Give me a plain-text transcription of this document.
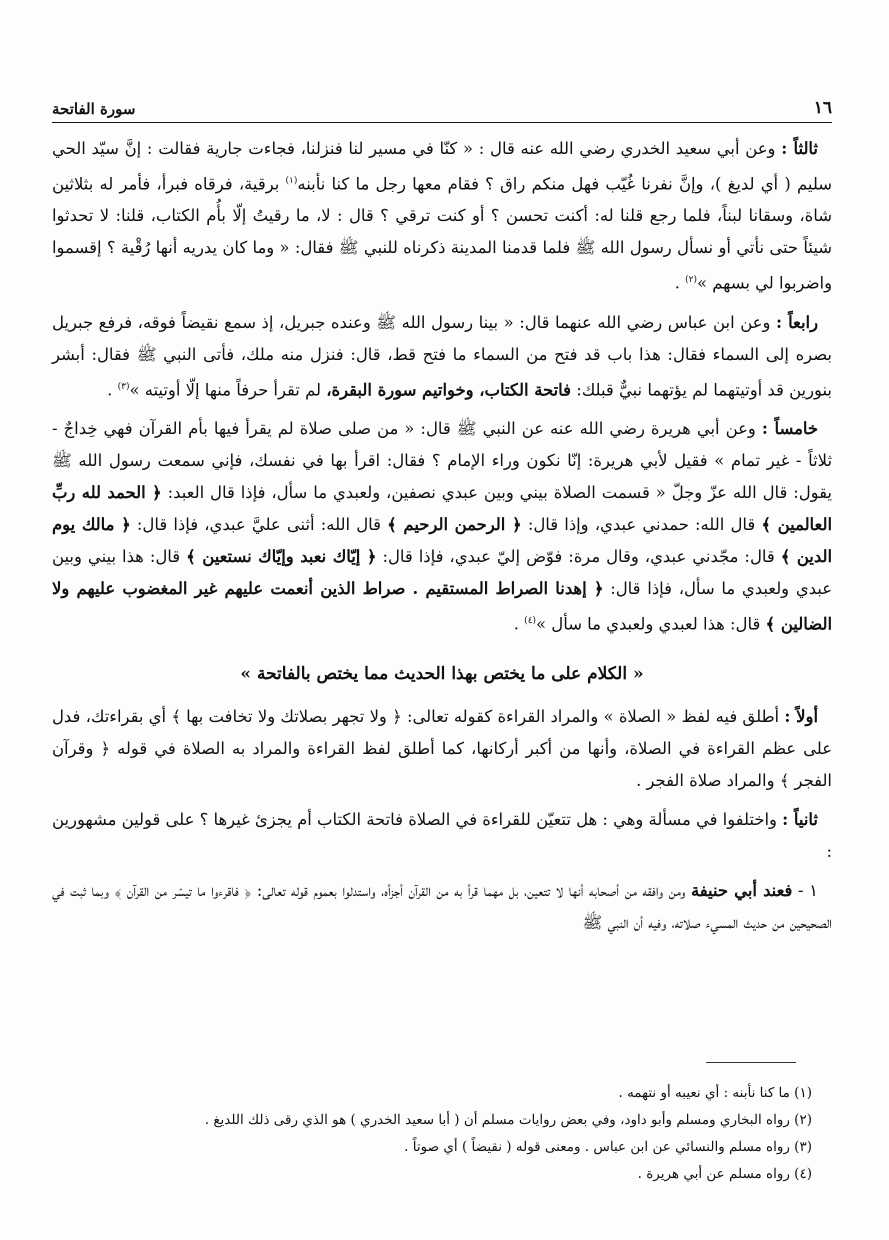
١٦
سورة الفاتحة

ثالثاً : وعن أبي سعيد الخدري رضي الله عنه قال : « كنّا في مسير لنا فنزلنا، فجاءت جارية فقالت : إنَّ سيّد الحي سليم ( أي لديغ )، وإنَّ نفرنا غُيّب فهل منكم راق ؟ فقام معها رجل ما كنا نأبنه$^{(١)}$ برقية، فرقاه فبرأ، فأمر له بثلاثين شاة، وسقانا لبناً، فلما رجع قلنا له: أكنت تحسن ؟ أو كنت ترقي ؟ قال : لا، ما رقيتُ إلّا بأُم الكتاب، قلنا: لا تحدثوا شيئاً حتى نأتي أو نسأل رسول الله ﷺ فلما قدمنا المدينة ذكرناه للنبي ﷺ فقال: « وما كان يدريه أنها رُقْية ؟ إقسموا واضربوا لي بسهم »$^{(٢)}$ .

رابعاً : وعن ابن عباس رضي الله عنهما قال: « بينا رسول الله ﷺ وعنده جبريل، إذ سمع نقيضاً فوقه، فرفع جبريل بصره إلى السماء فقال: هذا باب قد فتح من السماء ما فتح قط، قال: فنزل منه ملك، فأتى النبي ﷺ فقال: أبشر بنورين قد أوتيتهما لم يؤتهما نبيٌّ قبلك: فاتحة الكتاب، وخواتيم سورة البقرة، لم تقرأ حرفاً منها إلّا أوتيته »$^{(٣)}$ .

خامساً : وعن أبي هريرة رضي الله عنه عن النبي ﷺ قال: « من صلى صلاة لم يقرأ فيها بأم القرآن فهي خِداجٌ - ثلاثاً - غير تمام » فقيل لأبي هريرة: إنّا نكون وراء الإمام ؟ فقال: اقرأ بها في نفسك، فإني سمعت رسول الله ﷺ يقول: قال الله عزّ وجلّ « قسمت الصلاة بيني وبين عبدي نصفين، ولعبدي ما سأل، فإذا قال العبد: ﴿ الحمد لله ربِّ العالمين ﴾ قال الله: حمدني عبدي، وإذا قال: ﴿ الرحمن الرحيم ﴾ قال الله: أثنى عليَّ عبدي، فإذا قال: ﴿ مالك يوم الدين ﴾ قال: مجّدني عبدي، وقال مرة: فوّض إليّ عبدي، فإذا قال: ﴿ إيّاك نعبد وإيّاك نستعين ﴾ قال: هذا بيني وبين عبدي ولعبدي ما سأل، فإذا قال: ﴿ إهدنا الصراط المستقيم . صراط الذين أنعمت عليهم غير المغضوب عليهم ولا الضالين ﴾ قال: هذا لعبدي ولعبدي ما سأل »$^{(٤)}$ .

« الكلام على ما يختص بهذا الحديث مما يختص بالفاتحة »

أولاً : أطلق فيه لفظ « الصلاة » والمراد القراءة كقوله تعالى: ﴿ ولا تجهر بصلاتك ولا تخافت بها ﴾ أي بقراءتك، فدل على عظم القراءة في الصلاة، وأنها من أكبر أركانها، كما أطلق لفظ القراءة والمراد به الصلاة في قوله ﴿ وقرآن الفجر ﴾ والمراد صلاة الفجر .

ثانياً : واختلفوا في مسألة وهي : هل تتعيّن للقراءة في الصلاة فاتحة الكتاب أم يجزئ غيرها ؟ على قولين مشهورين :

١ - فعند أبي حنيفة ومن وافقه من أصحابه أنها لا تتعين، بل مهما قرأ به من القرآن أجزأه، واستدلوا بعموم قوله تعالى: ﴿ فاقرءوا ما تيسّر من القرآن ﴾ وبما ثبت في الصحيحين من حديث المسيء صلاته، وفيه أن النبي ﷺ

(١) ما كنا نأبنه : أي نعيبه أو نتهمه .
(٢) رواه البخاري ومسلم وأبو داود، وفي بعض روايات مسلم أن ( أبا سعيد الخدري ) هو الذي رقى ذلك اللديغ .
(٣) رواه مسلم والنسائي عن ابن عباس . ومعنى قوله ( نقيضاً ) أي صوتاً .
(٤) رواه مسلم عن أبي هريرة .
